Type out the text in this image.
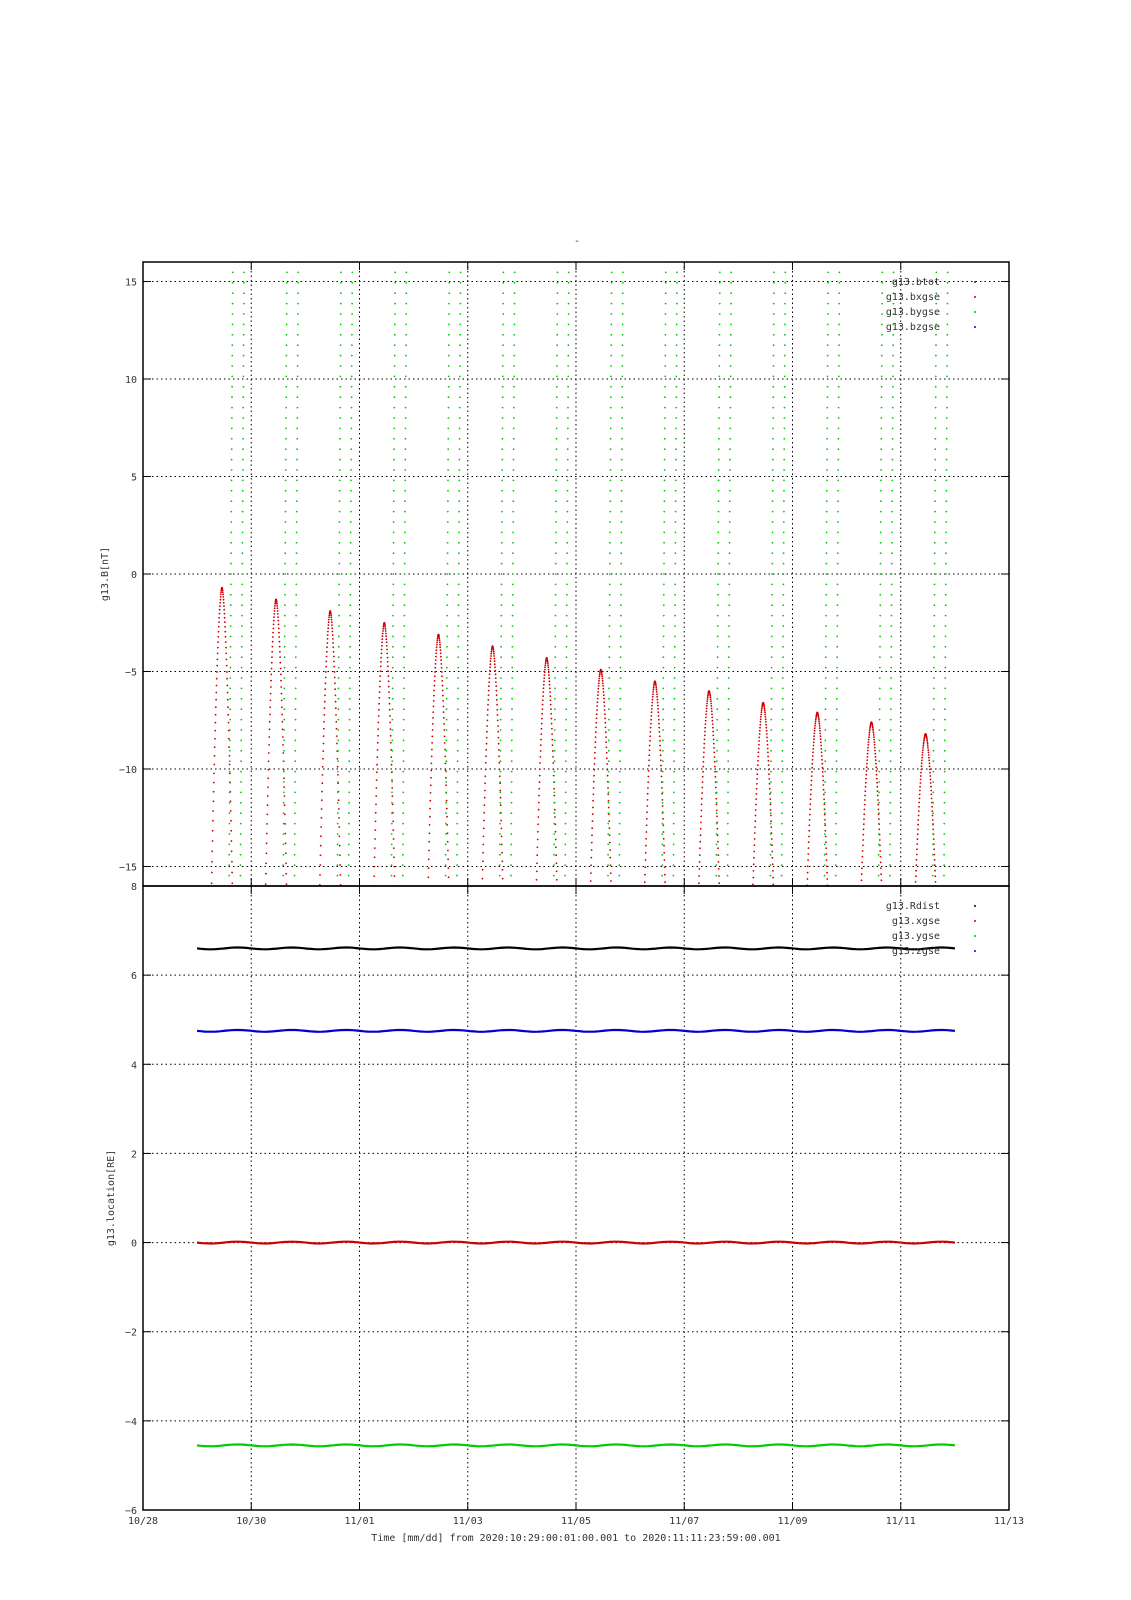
-
15
10
5
0
−5
−10
−15
g13.btot
g13.bxgse
g13.bygse
g13.bzgse
8
6
4
2
0
−2
−4
−6
10/28	10/30	11/01	11/03	11/05	11/07	11/09	11/11	11/13
g13.Rdist
g13.xgse
g13.ygse
g13.zgse
g13.B[nT]
g13.location[RE]
Time [mm/dd] from 2020:10:29:00:01:00.001 to 2020:11:11:23:59:00.001
